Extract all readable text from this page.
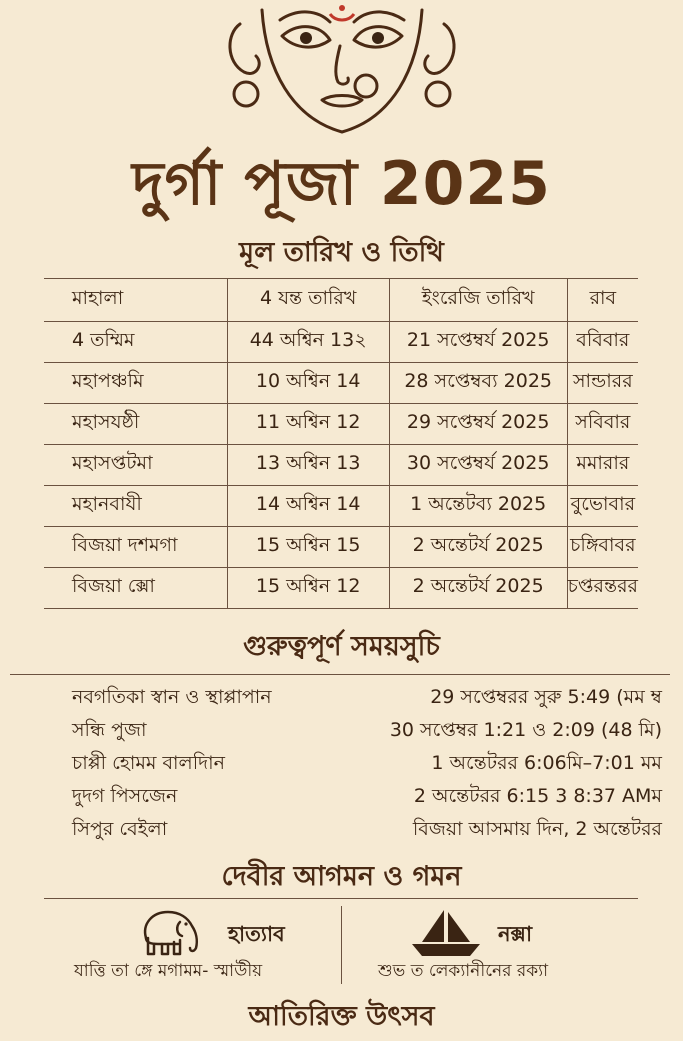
দুর্গা পূজা 2025
মূল তারিখ ও তিথি
মাহালা	4 যন্ত তারিখ	ইংরেজি তারিখ	রাব
4 তম্মিম	44 অশ্বিন 13২	21 সপ্তেম্বর্য 2025	ববিবার
মহাপঞ্চমি	10 অশ্বিন 14	28 সপ্তেম্বব্য 2025	সান্ডারর
মহাসযষ্ঠী	11 অশ্বিন 12	29 সপ্তেম্বর্য 2025	সবিবার
মহাসপ্তটমা	13 অশ্বিন 13	30 সপ্তেম্বর্য 2025	মমারার
মহানবাযী	14 অশ্বিন 14	1 অন্তেটব্য 2025	বুভোবার
বিজয়া দশমগা	15 অশ্বিন 15	2 অন্তেটর্য 2025	চঙ্গিবাবর
বিজয়া ক্সো	15 অশ্বিন 12	2 অন্তেটর্য 2025	চপ্তরন্তরর
গুরুত্বপূর্ণ সময়সুচি
নবগতিকা স্বান ও স্থাপ্পাপান	29 সপ্তেম্বরর সুরু 5:49 (মম ম্ব
সন্ধি পুজা	30 সপ্তেম্বর 1:21 ও 2:09 (48 মি)
চাপ্পী হোমম বালদিান	1 অন্তেটরর 6:06মি–7:01 মম
দুদগ পিসজেন	2 অন্তেটরর 6:15 3 8:37 AMম
সিপুর বেইলা	বিজয়া আসমায় দিন, 2 অন্তেটরর
দেবীর আগমন ও গমন
হাত্যাব
যাত্তি তা ঙ্গে মগামম- স্মাউীয়
নক্সা
শুভ ত লেক্যানীনের রক্যা
আতিরিক্ত উৎসব
